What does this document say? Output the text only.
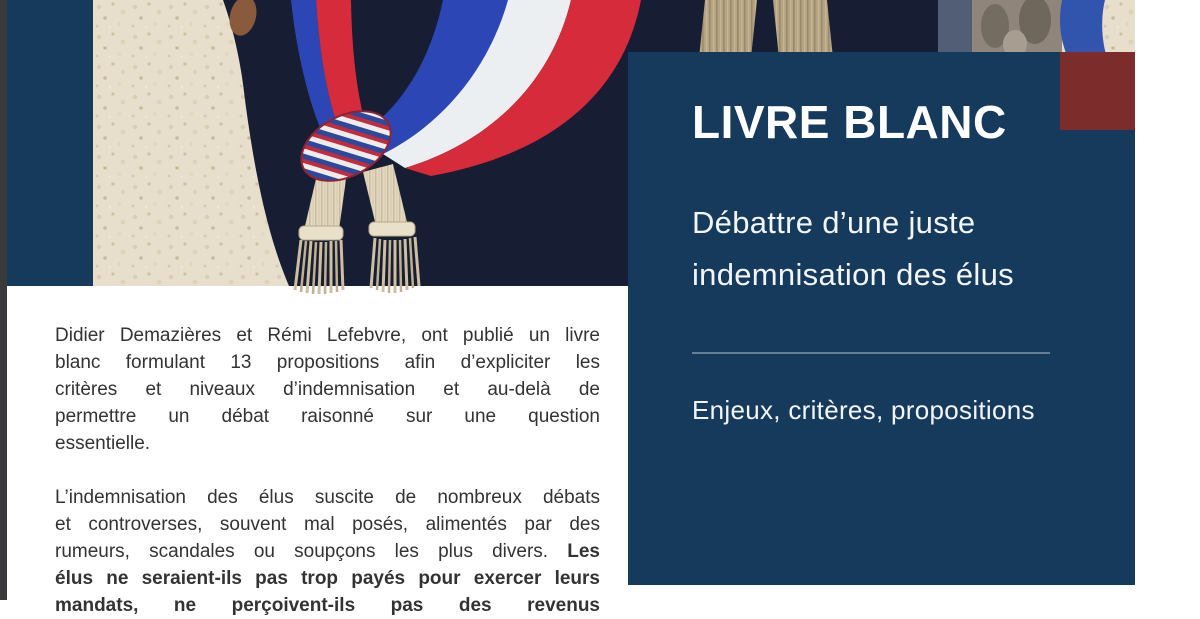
Didier Demazières et Rémi Lefebvre, ont publié un livre
blanc formulant 13 propositions afin d’expliciter les
critères et niveaux d’indemnisation et au-delà de
permettre un débat raisonné sur une question
essentielle.
L’indemnisation des élus suscite de nombreux débats
et controverses, souvent mal posés, alimentés par des
rumeurs, scandales ou soupçons les plus divers. Les
élus ne seraient-ils pas trop payés pour exercer leurs
mandats, ne perçoivent-ils pas des revenus
LIVRE BLANC
Débattre d’une juste
indemnisation des élus
Enjeux, critères, propositions
